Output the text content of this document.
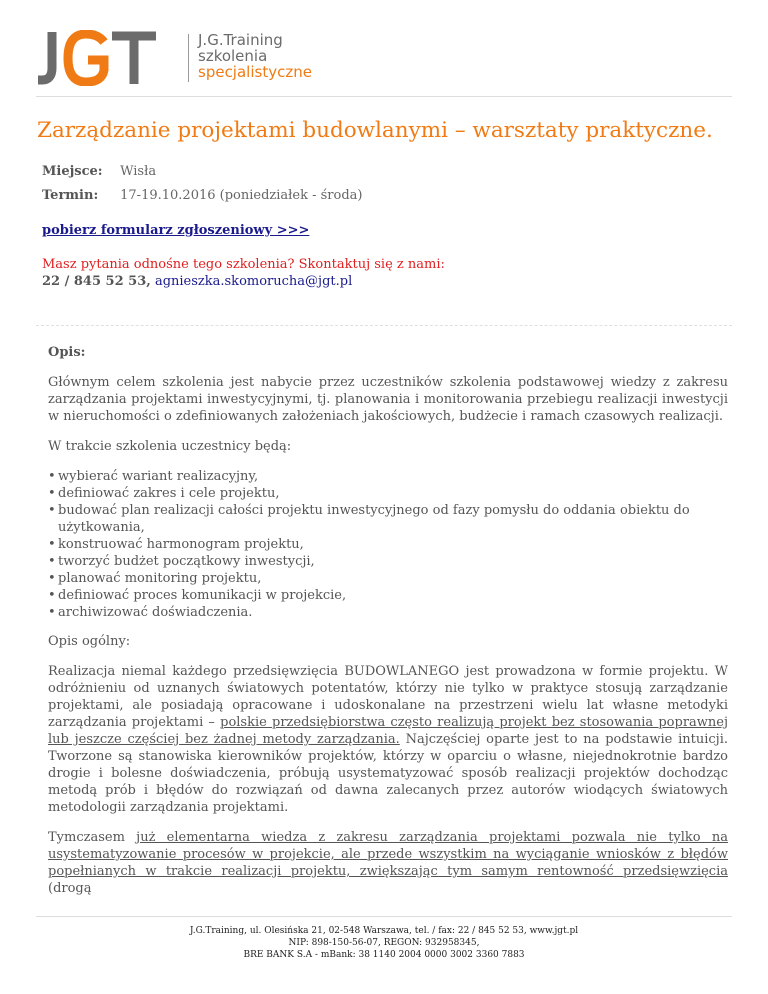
J.G.Training
szkolenia
specjalistyczne
Zarządzanie projektami budowlanymi – warsztaty praktyczne.
Miejsce: Wisła
Termin: 17-19.10.2016 (poniedziałek - środa)
pobierz formularz zgłoszeniowy >>>
Masz pytania odnośne tego szkolenia? Skontaktuj się z nami:
22 / 845 52 53, agnieszka.skomorucha@jgt.pl

Opis:

Głównym celem szkolenia jest nabycie przez uczestników szkolenia podstawowej wiedzy z zakresu zarządzania projektami inwestycyjnymi, tj. planowania i monitorowania przebiegu realizacji inwestycji w nieruchomości o zdefiniowanych założeniach jakościowych, budżecie i ramach czasowych realizacji.

W trakcie szkolenia uczestnicy będą:

• wybierać wariant realizacyjny,
• definiować zakres i cele projektu,
• budować plan realizacji całości projektu inwestycyjnego od fazy pomysłu do oddania obiektu do użytkowania,
• konstruować harmonogram projektu,
• tworzyć budżet początkowy inwestycji,
• planować monitoring projektu,
• definiować proces komunikacji w projekcie,
• archiwizować doświadczenia.

Opis ogólny:

Realizacja niemal każdego przedsięwzięcia BUDOWLANEGO jest prowadzona w formie projektu. W odróżnieniu od uznanych światowych potentatów, którzy nie tylko w praktyce stosują zarządzanie projektami, ale posiadają opracowane i udoskonalane na przestrzeni wielu lat własne metodyki zarządzania projektami – polskie przedsiębiorstwa często realizują projekt bez stosowania poprawnej lub jeszcze częściej bez żadnej metody zarządzania. Najczęściej oparte jest to na podstawie intuicji. Tworzone są stanowiska kierowników projektów, którzy w oparciu o własne, niejednokrotnie bardzo drogie i bolesne doświadczenia, próbują usystematyzować sposób realizacji projektów dochodząc metodą prób i błędów do rozwiązań od dawna zalecanych przez autorów wiodących światowych metodologii zarządzania projektami.

Tymczasem już elementarna wiedza z zakresu zarządzania projektami pozwala nie tylko na usystematyzowanie procesów w projekcie, ale przede wszystkim na wyciąganie wniosków z błędów popełnianych w trakcie realizacji projektu, zwiększając tym samym rentowność przedsięwzięcia (drogą

J.G.Training, ul. Olesińska 21, 02-548 Warszawa, tel. / fax: 22 / 845 52 53, www.jgt.pl
NIP: 898-150-56-07, REGON: 932958345,
BRE BANK S.A - mBank: 38 1140 2004 0000 3002 3360 7883
